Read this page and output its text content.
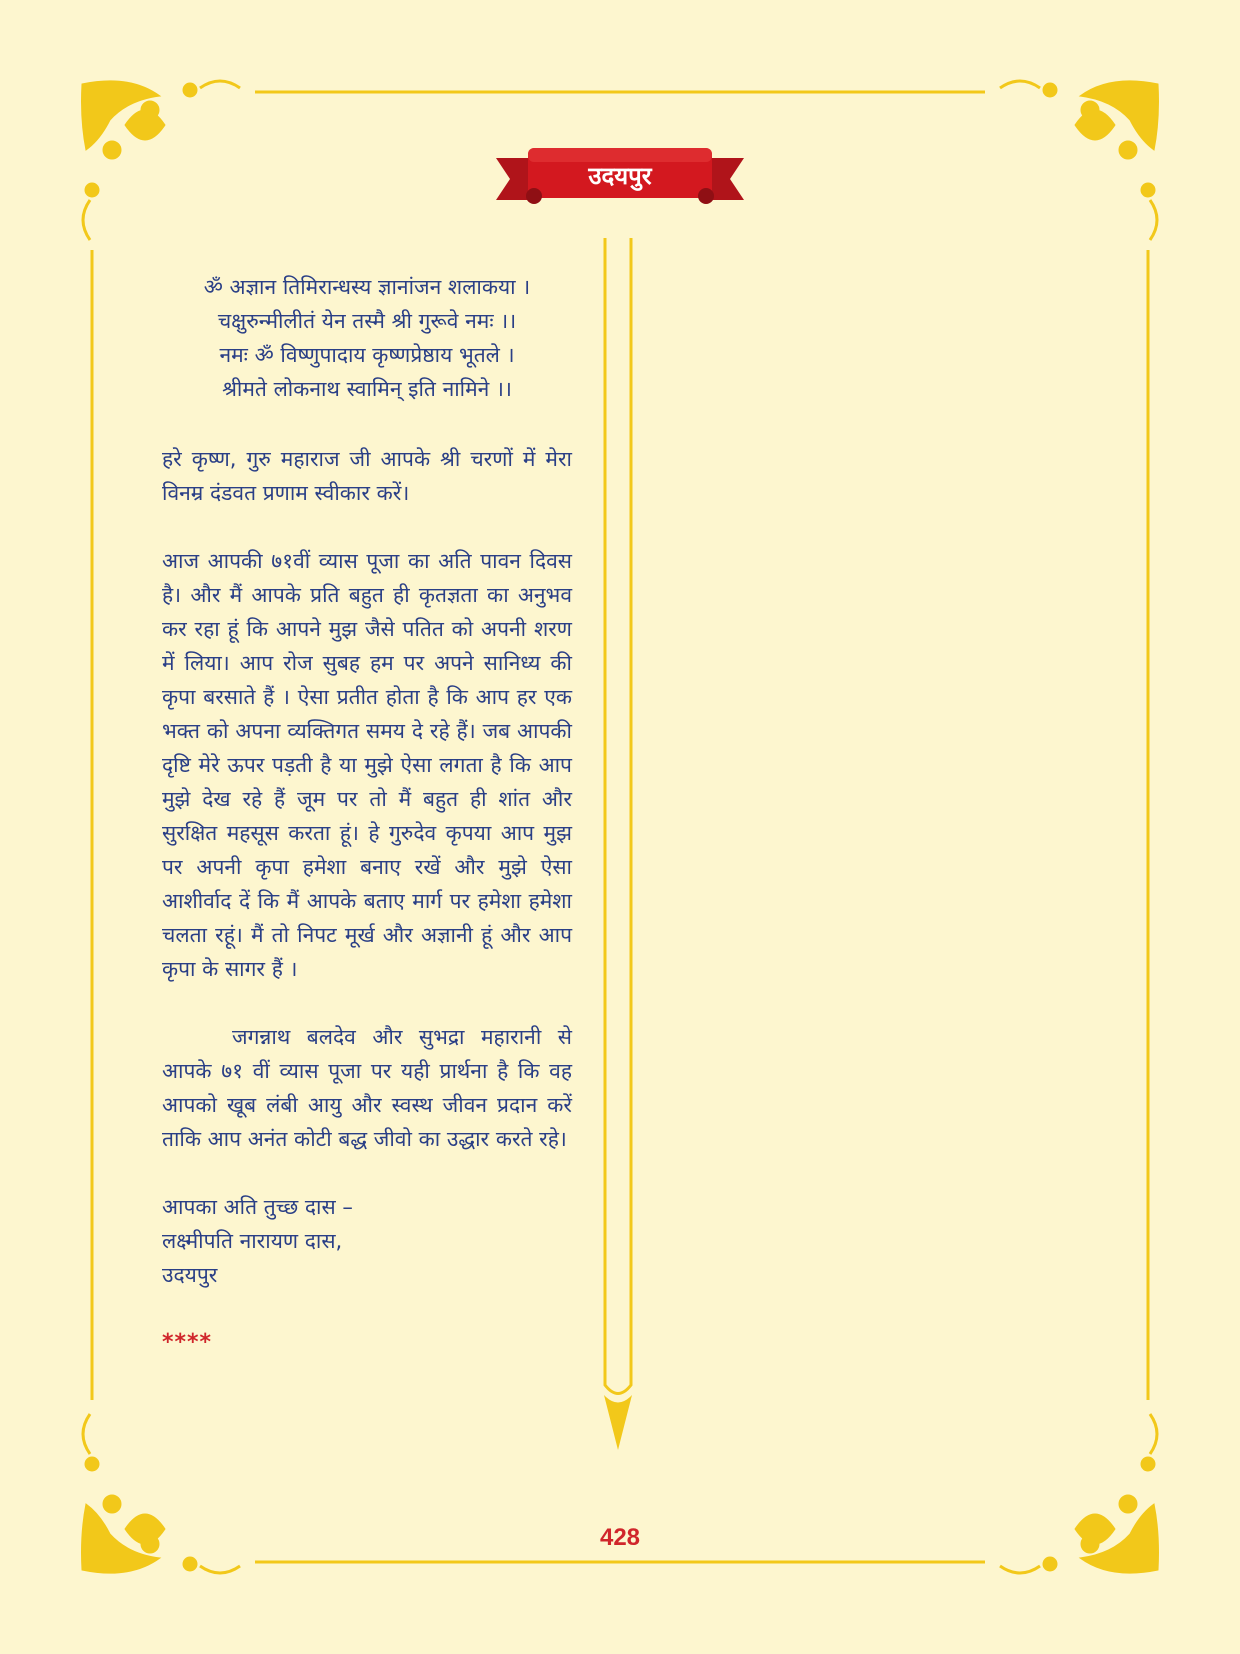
उदयपुर
ॐ अज्ञान तिमिरान्धस्य ज्ञानांजन शलाकया ।
चक्षुरुन्मीलीतं येन तस्मै श्री गुरूवे नमः ।।
नमः ॐ विष्णुपादाय कृष्णप्रेष्ठाय भूतले ।
श्रीमते लोकनाथ स्वामिन् इति नामिने ।।

हरे कृष्ण, गुरु महाराज जी आपके श्री चरणों में मेरा विनम्र दंडवत प्रणाम स्वीकार करें।

आज आपकी ७१वीं व्यास पूजा का अति पावन दिवस है। और मैं आपके प्रति बहुत ही कृतज्ञता का अनुभव कर रहा हूं कि आपने मुझ जैसे पतित को अपनी शरण में लिया। आप रोज सुबह हम पर अपने सानिध्य की कृपा बरसाते हैं । ऐसा प्रतीत होता है कि आप हर एक भक्त को अपना व्यक्तिगत समय दे रहे हैं। जब आपकी दृष्टि मेरे ऊपर पड़ती है या मुझे ऐसा लगता है कि आप मुझे देख रहे हैं जूम पर तो मैं बहुत ही शांत और सुरक्षित महसूस करता हूं। हे गुरुदेव कृपया आप मुझ पर अपनी कृपा हमेशा बनाए रखें और मुझे ऐसा आशीर्वाद दें कि मैं आपके बताए मार्ग पर हमेशा हमेशा चलता रहूं। मैं तो निपट मूर्ख और अज्ञानी हूं और आप कृपा के सागर हैं ।

जगन्नाथ बलदेव और सुभद्रा महारानी से आपके ७१ वीं व्यास पूजा पर यही प्रार्थना है कि वह आपको खूब लंबी आयु और स्वस्थ जीवन प्रदान करें ताकि आप अनंत कोटी बद्ध जीवो का उद्धार करते रहे।

आपका अति तुच्छ दास –
लक्ष्मीपति नारायण दास,
उदयपुर
****
428
